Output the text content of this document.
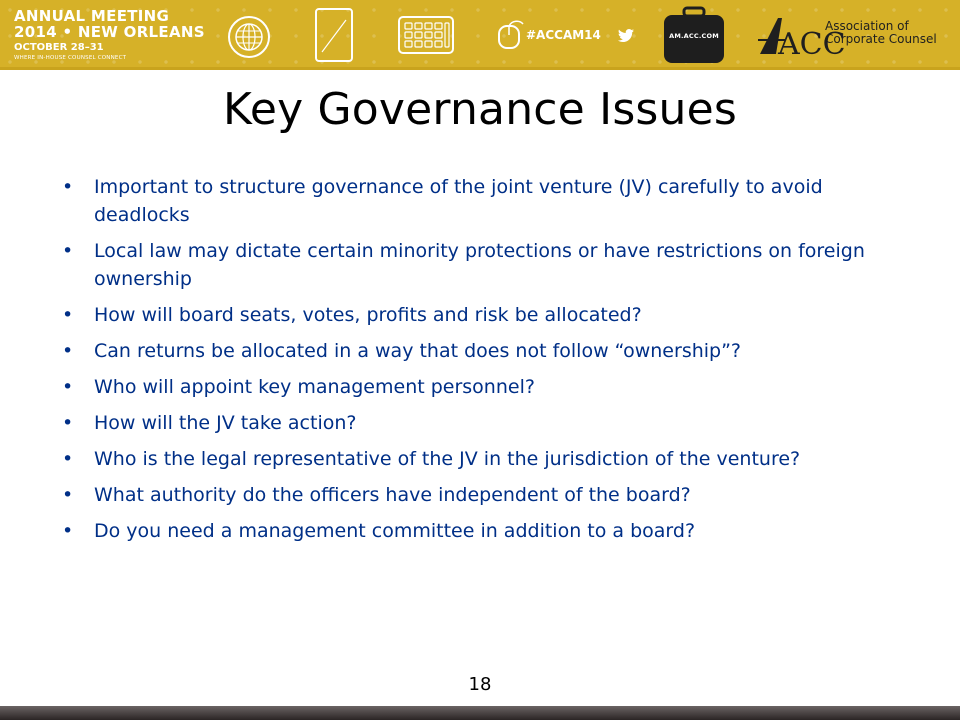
ANNUAL MEETING
2014 • NEW ORLEANS
OCTOBER 28–31
WHERE IN-HOUSE COUNSEL CONNECT
#ACCAM14	AM.ACC.COM ACC
Association of
Corporate Counsel
Key Governance Issues
• Important to structure governance of the joint venture (JV) carefully to avoid deadlocks
• Local law may dictate certain minority protections or have restrictions on foreign ownership
• How will board seats, votes, profits and risk be allocated?
• Can returns be allocated in a way that does not follow “ownership”?
• Who will appoint key management personnel?
• How will the JV take action?
• Who is the legal representative of the JV in the jurisdiction of the venture?
• What authority do the officers have independent of the board?
• Do you need a management committee in addition to a board?
18
